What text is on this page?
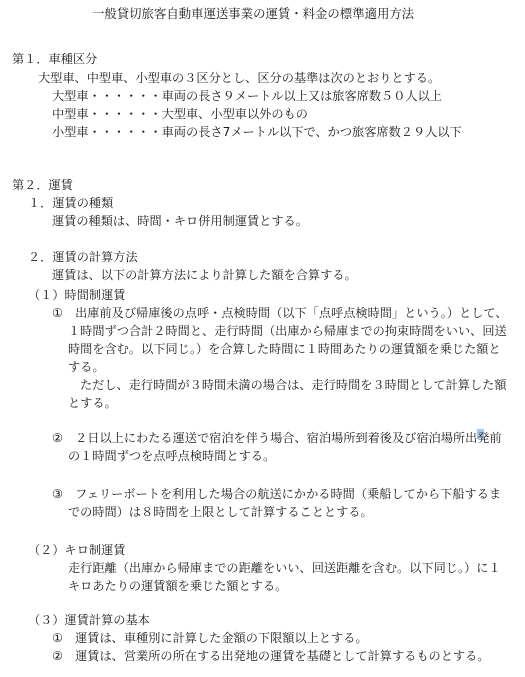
一般貸切旅客自動車運送事業の運賃・料金の標準適用方法
第１．車種区分
大型車、中型車、小型車の３区分とし、区分の基準は次のとおりとする。
大型車・・・・・・車両の長さ９メートル以上又は旅客席数５０人以上
中型車・・・・・・大型車、小型車以外のもの
小型車・・・・・・車両の長さ7メートル以下で、かつ旅客席数２９人以下
第２．運賃
１．運賃の種類
運賃の種類は、時間・キロ併用制運賃とする。
２．運賃の計算方法
運賃は、以下の計算方法により計算した額を合算する。
（１）時間制運賃
①　出庫前及び帰庫後の点呼・点検時間（以下「点呼点検時間」という。）として、
１時間ずつ合計２時間と、走行時間（出庫から帰庫までの拘束時間をいい、回送
時間を含む。以下同じ。）を合算した時間に１時間あたりの運賃額を乗じた額と
する。
ただし、走行時間が３時間未満の場合は、走行時間を３時間として計算した額
とする。
②　２日以上にわたる運送で宿泊を伴う場合、宿泊場所到着後及び宿泊場所出発前
の１時間ずつを点呼点検時間とする。
③　フェリーボートを利用した場合の航送にかかる時間（乗船してから下船するま
での時間）は８時間を上限として計算することとする。
（２）キロ制運賃
走行距離（出庫から帰庫までの距離をいい、回送距離を含む。以下同じ。）に１
キロあたりの運賃額を乗じた額とする。
（３）運賃計算の基本
①　運賃は、車種別に計算した金額の下限額以上とする。
②　運賃は、営業所の所在する出発地の運賃を基礎として計算するものとする。
